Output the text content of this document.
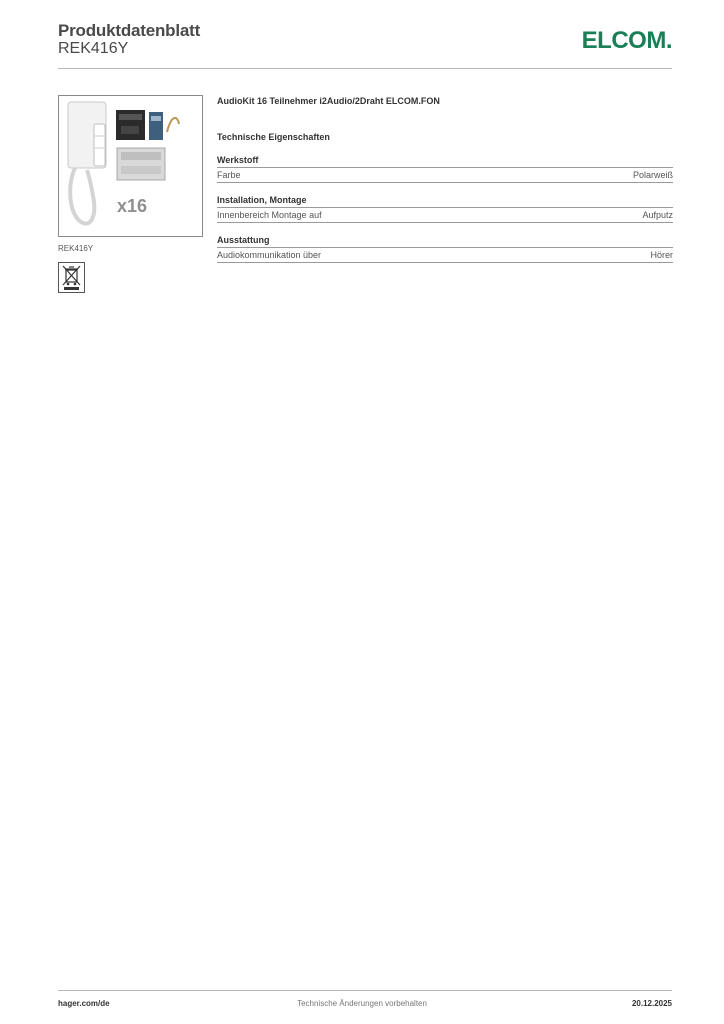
Produktdatenblatt
REK416Y	ELCOM.
x16
REK416Y
AudioKit 16 Teilnehmer i2Audio/2Draht ELCOM.FON
Technische Eigenschaften
Werkstoff
Farbe	Polarweiß
Installation, Montage
Innenbereich Montage auf	Aufputz
Ausstattung
Audiokommunikation über	Hörer
hager.com/de	Technische Änderungen vorbehalten	20.12.2025
